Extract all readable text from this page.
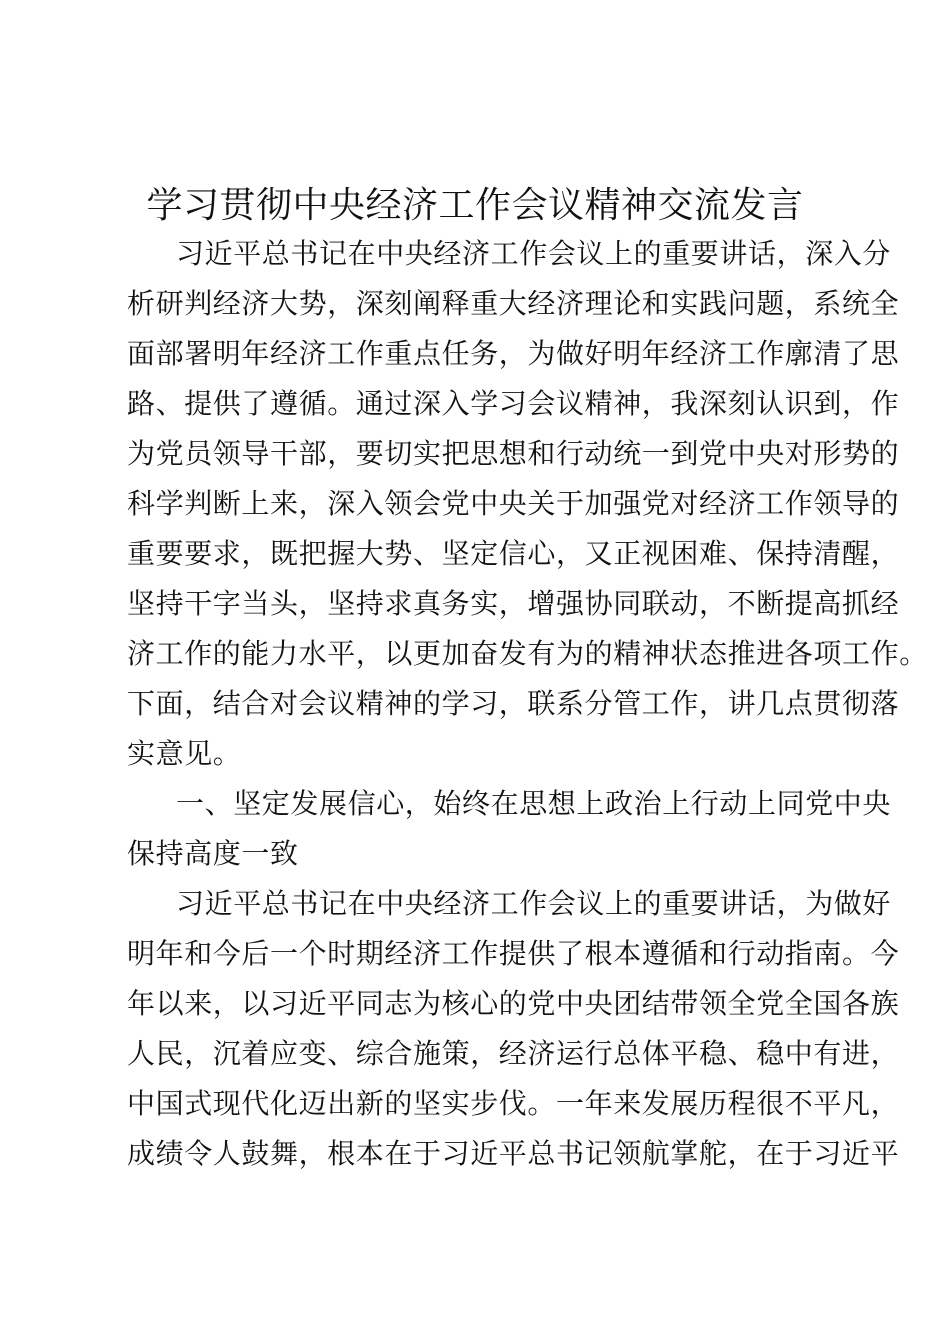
学习贯彻中央经济工作会议精神交流发言

习近平总书记在中央经济工作会议上的重要讲话，深入分

析研判经济大势，深刻阐释重大经济理论和实践问题，系统全

面部署明年经济工作重点任务，为做好明年经济工作廓清了思

路、提供了遵循。通过深入学习会议精神，我深刻认识到，作

为党员领导干部，要切实把思想和行动统一到党中央对形势的

科学判断上来，深入领会党中央关于加强党对经济工作领导的

重要要求，既把握大势、坚定信心，又正视困难、保持清醒，

坚持干字当头，坚持求真务实，增强协同联动，不断提高抓经

济工作的能力水平，以更加奋发有为的精神状态推进各项工作。

下面，结合对会议精神的学习，联系分管工作，讲几点贯彻落

实意见。

一、坚定发展信心，始终在思想上政治上行动上同党中央

保持高度一致

习近平总书记在中央经济工作会议上的重要讲话，为做好

明年和今后一个时期经济工作提供了根本遵循和行动指南。今

年以来，以习近平同志为核心的党中央团结带领全党全国各族

人民，沉着应变、综合施策，经济运行总体平稳、稳中有进，

中国式现代化迈出新的坚实步伐。一年来发展历程很不平凡，

成绩令人鼓舞，根本在于习近平总书记领航掌舵，在于习近平
